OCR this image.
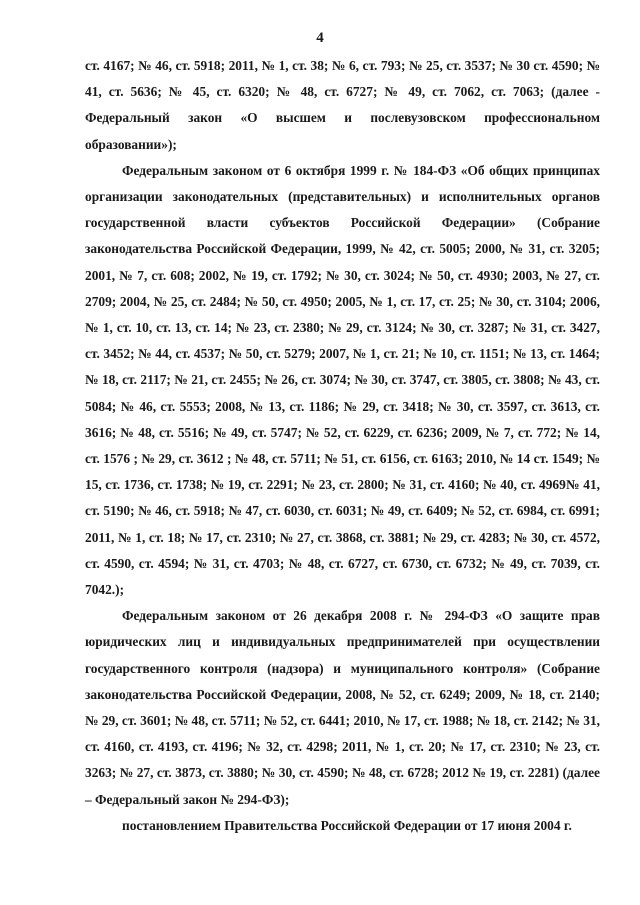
4

ст. 4167; № 46, ст. 5918; 2011, № 1, ст. 38; № 6, ст. 793; № 25, ст. 3537; № 30 ст. 4590; № 41, ст. 5636; № 45, ст. 6320; № 48, ст. 6727; № 49, ст. 7062, ст. 7063; (далее - Федеральный закон «О высшем и послевузовском профессиональном образовании»);

Федеральным законом от 6 октября 1999 г. № 184-ФЗ «Об общих принципах организации законодательных (представительных) и исполнительных органов государственной власти субъектов Российской Федерации» (Собрание законодательства Российской Федерации, 1999, № 42, ст. 5005; 2000, № 31, ст. 3205; 2001, № 7, ст. 608; 2002, № 19, ст. 1792; № 30, ст. 3024; № 50, ст. 4930; 2003, № 27, ст. 2709; 2004, № 25, ст. 2484; № 50, ст. 4950; 2005, № 1, ст. 17, ст. 25; № 30, ст. 3104; 2006, № 1, ст. 10, ст. 13, ст. 14; № 23, ст. 2380; № 29, ст. 3124; № 30, ст. 3287; № 31, ст. 3427, ст. 3452; № 44, ст. 4537; № 50, ст. 5279; 2007, № 1, ст. 21; № 10, ст. 1151; № 13, ст. 1464; № 18, ст. 2117; № 21, ст. 2455; № 26, ст. 3074; № 30, ст. 3747, ст. 3805, ст. 3808; № 43, ст. 5084; № 46, ст. 5553; 2008, № 13, ст. 1186; № 29, ст. 3418; № 30, ст. 3597, ст. 3613, ст. 3616; № 48, ст. 5516; № 49, ст. 5747; № 52, ст. 6229, ст. 6236; 2009, № 7, ст. 772; № 14, ст. 1576 ; № 29, ст. 3612 ; № 48, ст. 5711; № 51, ст. 6156, ст. 6163; 2010, № 14 ст. 1549; № 15, ст. 1736, ст. 1738; № 19, ст. 2291; № 23, ст. 2800; № 31, ст. 4160; № 40, ст. 4969№ 41, ст. 5190; № 46, ст. 5918; № 47, ст. 6030, ст. 6031; № 49, ст. 6409; № 52, ст. 6984, ст. 6991; 2011, № 1, ст. 18; № 17, ст. 2310; № 27, ст. 3868, ст. 3881; № 29, ст. 4283; № 30, ст. 4572, ст. 4590, ст. 4594; № 31, ст. 4703; № 48, ст. 6727, ст. 6730, ст. 6732; № 49, ст. 7039, ст. 7042.);

Федеральным законом от 26 декабря 2008 г. № 294-ФЗ «О защите прав юридических лиц и индивидуальных предпринимателей при осуществлении государственного контроля (надзора) и муниципального контроля» (Собрание законодательства Российской Федерации, 2008, № 52, ст. 6249; 2009, № 18, ст. 2140; № 29, ст. 3601; № 48, ст. 5711; № 52, ст. 6441; 2010, № 17, ст. 1988; № 18, ст. 2142; № 31, ст. 4160, ст. 4193, ст. 4196; № 32, ст. 4298; 2011, № 1, ст. 20; № 17, ст. 2310; № 23, ст. 3263; № 27, ст. 3873, ст. 3880; № 30, ст. 4590; № 48, ст. 6728; 2012 № 19, ст. 2281) (далее – Федеральный закон № 294-ФЗ);

постановлением Правительства Российской Федерации от 17 июня 2004 г.
